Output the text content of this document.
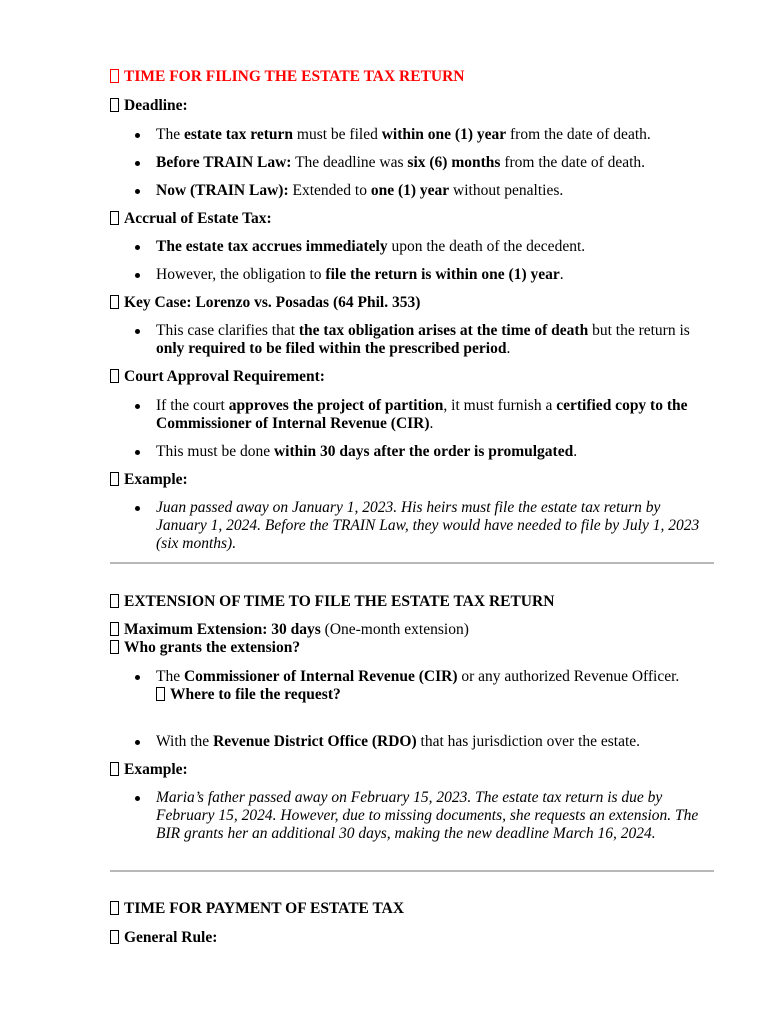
TIME FOR FILING THE ESTATE TAX RETURN
Deadline:
The estate tax return must be filed within one (1) year from the date of death.
Before TRAIN Law: The deadline was six (6) months from the date of death.
Now (TRAIN Law): Extended to one (1) year without penalties.
Accrual of Estate Tax:
The estate tax accrues immediately upon the death of the decedent.
However, the obligation to file the return is within one (1) year.
Key Case: Lorenzo vs. Posadas (64 Phil. 353)
This case clarifies that the tax obligation arises at the time of death but the return is only required to be filed within the prescribed period.
Court Approval Requirement:
If the court approves the project of partition, it must furnish a certified copy to the Commissioner of Internal Revenue (CIR).
This must be done within 30 days after the order is promulgated.
Example:
Juan passed away on January 1, 2023. His heirs must file the estate tax return by January 1, 2024. Before the TRAIN Law, they would have needed to file by July 1, 2023 (six months).
EXTENSION OF TIME TO FILE THE ESTATE TAX RETURN
Maximum Extension: 30 days (One-month extension)
Who grants the extension?
The Commissioner of Internal Revenue (CIR) or any authorized Revenue Officer.
Where to file the request?
With the Revenue District Office (RDO) that has jurisdiction over the estate.
Example:
Maria’s father passed away on February 15, 2023. The estate tax return is due by February 15, 2024. However, due to missing documents, she requests an extension. The BIR grants her an additional 30 days, making the new deadline March 16, 2024.
TIME FOR PAYMENT OF ESTATE TAX
General Rule:
